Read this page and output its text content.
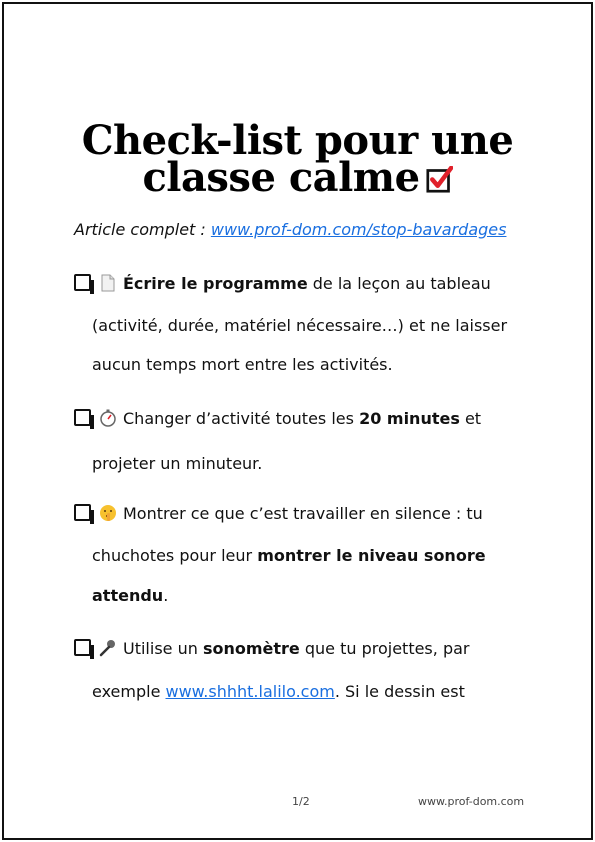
Check-list pour une
classe calme
Article complet : www.prof-dom.com/stop-bavardages
Écrire le programme de la leçon au tableau
(activité, durée, matériel nécessaire…) et ne laisser
aucun temps mort entre les activités.
Changer d’activité toutes les 20 minutes et
projeter un minuteur.
Montrer ce que c’est travailler en silence : tu
chuchotes pour leur montrer le niveau sonore
attendu.
Utilise un sonomètre que tu projettes, par
exemple www.shhht.lalilo.com. Si le dessin est
1/2	www.prof-dom.com
